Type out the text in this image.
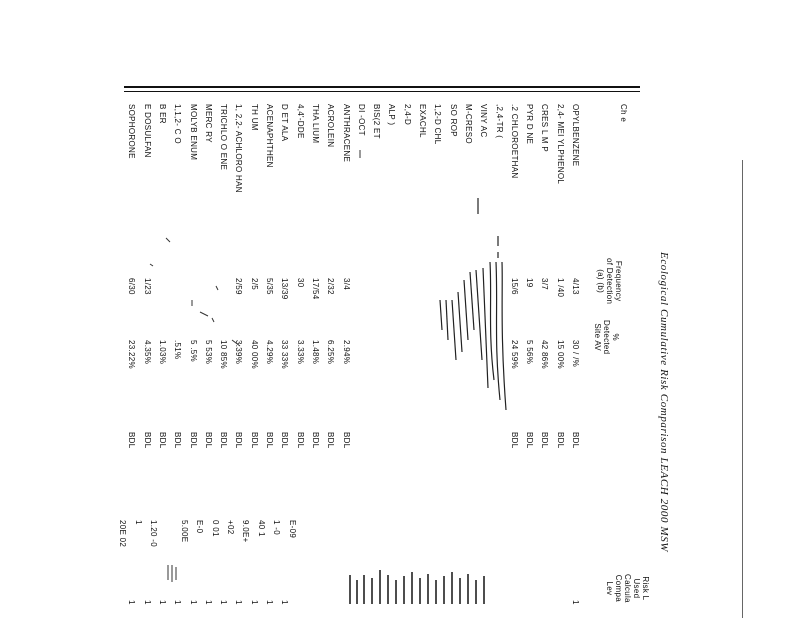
Ecological Cumulative Risk Comparison LEACH 2000 MSW
Ch e
Frequency
of Detection
(a) (b)
%
Detected
Site AV
Risk L
Used
Calcula
Compa
Lev
OPYLBENZENE
4/13
30 / /%
BDL
1
2,4- MEI YLPHENOL
1 /40
15 00%
BDL
CRES L M P
3/7
42 86%
BDL
PYR D NE
19
5 56%
BDL
.2 CHLOROETHAN
15/6
24 59%
BDL
,2,4-TR (
VINY AC
M-CRESO
SO ROP
1,2-D CHL
EXACHL
2,4-D
ALP )
BIS(2 ET
DI -OCT
ANTHRACENE
3/4
2.94%
BDL
ACROLEIN
2/32
6.25%
BDL
THA LIUM
17/54
1.48%
BDL
4,4'-DDE
30
3.33%
BDL
D ET ALA
13/39
33 33%
BDL
1
ACENAPHTHEN
5/35
4.29%
BDL
1
TH UM
2/5
40 00%
BDL
1
1, 2,2- ACHLORO HAN
2/59
3.39%
BDL
1
TRICHLO O ENE
10 85%
BDL
1
MERC RY
5 53%
BDL
1
MOLYB ENUM
5 .5%
BDL
1
1,1,2- C O
.51%
BDL
1
B ER
1.03%
BDL
1
E DOSULFAN
1/23
4.35%
BDL
1
SOPHORONE
6/30
23.22%
BDL
1
E-09
1 -0
40 1
9.0E+
+02
0 01
E-0
5.00E
1.20 -0
1
20E 02
